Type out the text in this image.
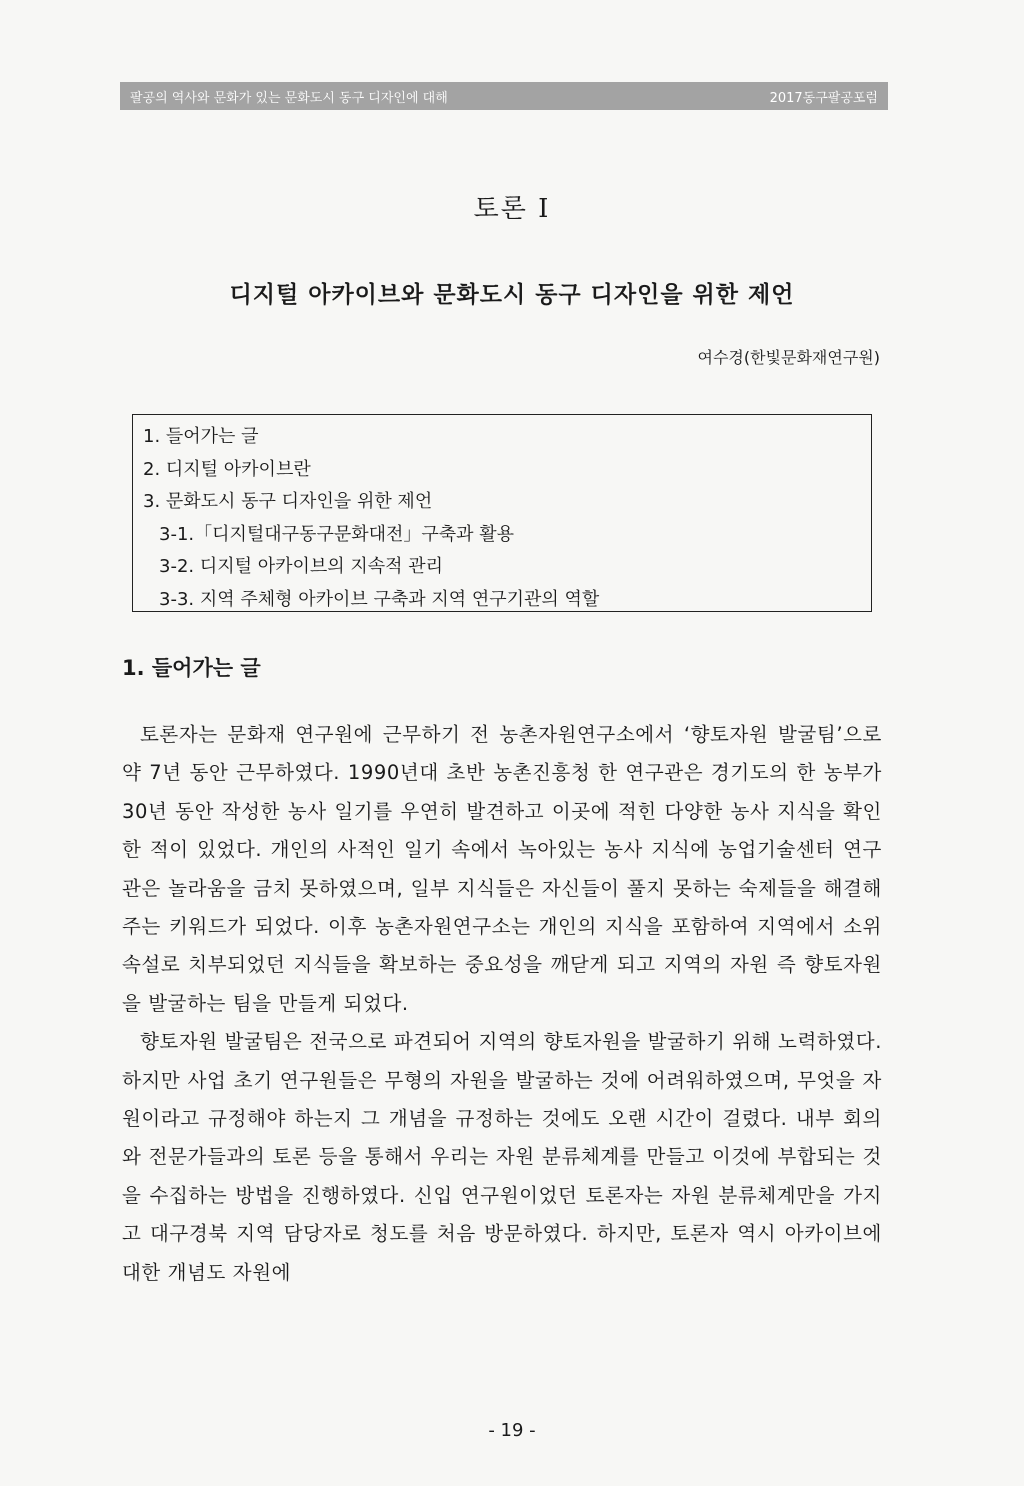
팔공의 역사와 문화가 있는 문화도시 동구 디자인에 대해	2017동구팔공포럼
토론 Ⅰ
디지털 아카이브와 문화도시 동구 디자인을 위한 제언
여수경(한빛문화재연구원)
1. 들어가는 글
2. 디지털 아카이브란
3. 문화도시 동구 디자인을 위한 제언
3-1.「디지털대구동구문화대전」구축과 활용
3-2. 디지털 아카이브의 지속적 관리
3-3. 지역 주체형 아카이브 구축과 지역 연구기관의 역할
1. 들어가는 글

토론자는 문화재 연구원에 근무하기 전 농촌자원연구소에서 ‘향토자원 발굴팀’으로 약 7년 동안 근무하였다. 1990년대 초반 농촌진흥청 한 연구관은 경기도의 한 농부가 30년 동안 작성한 농사 일기를 우연히 발견하고 이곳에 적힌 다양한 농사 지식을 확인한 적이 있었다. 개인의 사적인 일기 속에서 녹아있는 농사 지식에 농업기술센터 연구관은 놀라움을 금치 못하였으며, 일부 지식들은 자신들이 풀지 못하는 숙제들을 해결해 주는 키워드가 되었다. 이후 농촌자원연구소는 개인의 지식을 포함하여 지역에서 소위 속설로 치부되었던 지식들을 확보하는 중요성을 깨닫게 되고 지역의 자원 즉 향토자원을 발굴하는 팀을 만들게 되었다.

향토자원 발굴팀은 전국으로 파견되어 지역의 향토자원을 발굴하기 위해 노력하였다. 하지만 사업 초기 연구원들은 무형의 자원을 발굴하는 것에 어려워하였으며, 무엇을 자원이라고 규정해야 하는지 그 개념을 규정하는 것에도 오랜 시간이 걸렸다. 내부 회의와 전문가들과의 토론 등을 통해서 우리는 자원 분류체계를 만들고 이것에 부합되는 것을 수집하는 방법을 진행하였다. 신입 연구원이었던 토론자는 자원 분류체계만을 가지고 대구경북 지역 담당자로 청도를 처음 방문하였다. 하지만, 토론자 역시 아카이브에 대한 개념도 자원에

- 19 -
